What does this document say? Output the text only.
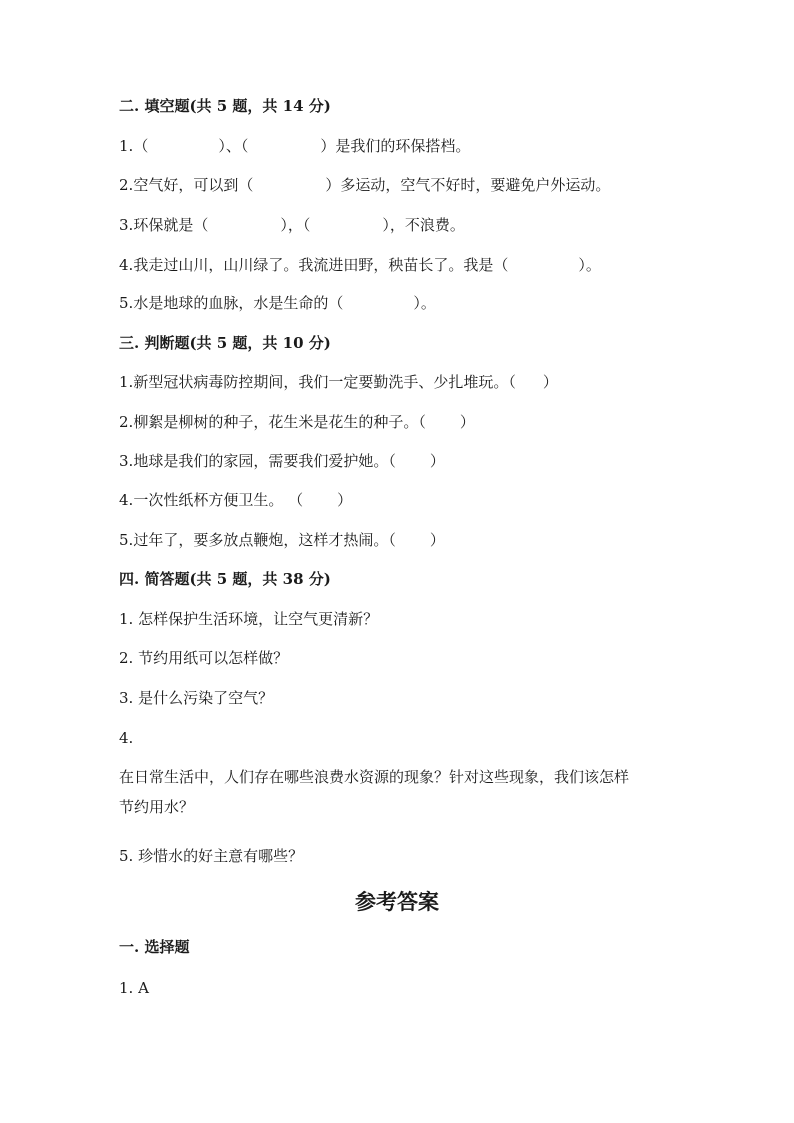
二. 填空题(共 5 题，共 14 分)
1.（	）、（	）是我们的环保搭档。
2.空气好，可以到（	）多运动，空气不好时，要避免户外运动。
3.环保就是（	），（	），不浪费。
4.我走过山川，山川绿了。我流进田野，秧苗长了。我是（	）。
5.水是地球的血脉，水是生命的（	）。
三. 判断题(共 5 题，共 10 分)
1.新型冠状病毒防控期间，我们一定要勤洗手、少扎堆玩。（ ）
2.柳絮是柳树的种子，花生米是花生的种子。（ ）
3.地球是我们的家园，需要我们爱护她。（ ）
4.一次性纸杯方便卫生。 （ ）
5.过年了，要多放点鞭炮，这样才热闹。（ ）
四. 简答题(共 5 题，共 38 分)
1. 怎样保护生活环境，让空气更清新？
2. 节约用纸可以怎样做？
3. 是什么污染了空气？
4.
在日常生活中，人们存在哪些浪费水资源的现象？针对这些现象，我们该怎样
节约用水？
5. 珍惜水的好主意有哪些？
参考答案
一. 选择题
1. A
